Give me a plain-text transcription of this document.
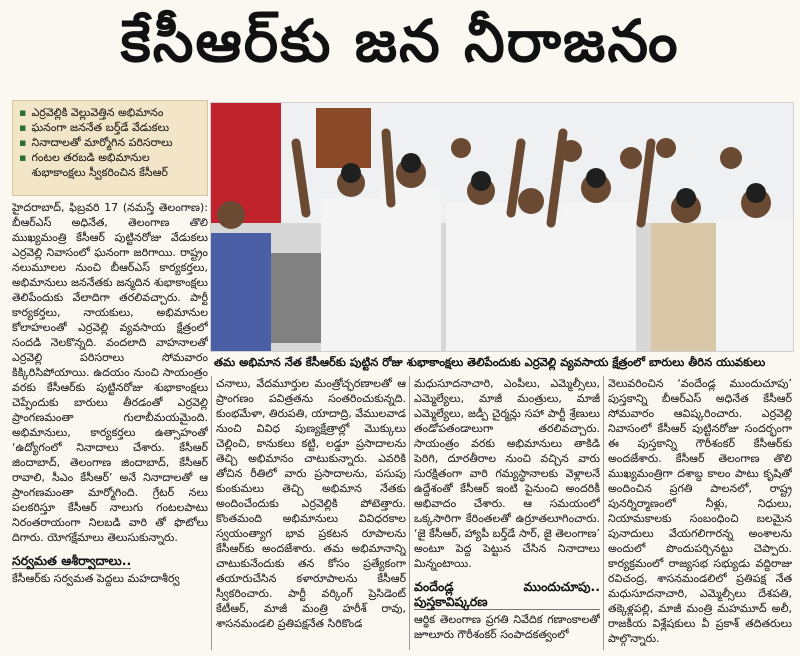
కేసీఆర్‌కు జన నీరాజనం
▪ ఎర్రవెల్లికి వెల్లువెత్తిన అభిమానం
▪ ఘనంగా జననేత బర్త్‌డే వేడుకలు
▪ నినాదాలతో మార్మోగిన పరిసరాలు
▪ గంటల తరబడి అభిమానుల శుభాకాంక్షలు స్వీకరించిన కేసీఆర్
తమ అభిమాన నేత కేసీఆర్‌కు పుట్టిన రోజు శుభాకాంక్షలు తెలిపేందుకు ఎర్రవెల్లి వ్యవసాయ క్షేత్రంలో బారులు తీరిన యువకులు

హైదరాబాద్, ఫిబ్రవరి 17 (నమస్తే తెలంగాణ): బీఆర్‌ఎస్ అధినేత, తెలంగాణ తొలి ముఖ్యమంత్రి కేసీఆర్ పుట్టినరోజు వేడుకలు ఎర్రవెల్లి నివాసంలో ఘనంగా జరిగాయి. రాష్ట్రం నలుమూలల నుంచి బీఆర్‌ఎస్ కార్యకర్తలు, అభిమానులు జననేతకు జన్మదిన శుభాకాంక్షలు తెలిపేందుకు వేలాదిగా తరలివచ్చారు. పార్టీ కార్యకర్తలు, నాయకులు, అభిమానుల కోలాహలంతో ఎర్రవెల్లి వ్యవసాయ క్షేత్రంలో సందడి నెలకొన్నది. వందలాది వాహనాలతో ఎర్రవెల్లి పరిసరాలు సోమవారం కిక్కిరిసిపోయాయి. ఉదయం నుంచి సాయంత్రం వరకు కేసీఆర్‌కు పుట్టినరోజు శుభాకాంక్షలు చెప్పేందుకు బారులు తీరడంతో ఎర్రవెల్లి ప్రాంగణమంతా గులాబీమయమైంది. అభిమానులు, కార్యకర్తలు ఉత్సాహంతో ‘ఉద్యోగంలో నినాదాలు చేశారు. కేసీఆర్ జిందాబాద్, తెలంగాణ జిందాబాద్, కేసీఆర్ రావాలి, సీఎం కేసీఆర్’ అనే నినాదాలతో ఆ ప్రాంగణమంతా మార్మోగింది. గ్రేటర్ నలు పలకరిస్తూ కేసీఆర్ నాలుగు గంటలపాటు నిరంతరాయంగా నిలబడి వారి తో ఫొటోలు దిగారు. యోగక్షేమాలు తెలుసుకున్నారు.

సర్వమత ఆశీర్వాదాలు..

కేసీఆర్‌కు సర్వమత పెద్దలు మహదాశీర్వ

చనాలు, వేదమూర్తుల మంత్రోచ్ఛరణాలతో ఆ ప్రాంగణం పవిత్రతను సంతరించుకున్నది. కుంభమేళా, తిరుపతి, యాదాద్రి, వేములవాడ నుంచి వివిధ పుణ్యక్షేత్రాల్లో మొక్కులు చెల్లించి, కానుకలు కట్టి, లడ్డూ ప్రసాదాలను తెచ్చి అభిమానం చాటుకున్నారు. ఎవరికి తోచిన రీతిలో వారు ప్రసాదాలను, పసుపు కుంకుమలు తెచ్చి అభిమాన నేతకు అందించేందుకు ఎర్రవెల్లికి పోటెత్తారు. కొంతమంది అభిమానులు వివిధరకాల స్వయంత్యాగ భావ ప్రకటన రూపాలను కేసీఆర్‌కు అందజేశారు. తమ అభిమానాన్ని చాటుకునేందుకు తన కోసం ప్రత్యేకంగా తయారుచేసిన కళారూపాలను కేసీఆర్ స్వీకరించారు. పార్టీ వర్కింగ్ ప్రెసిడెంట్ కేటీఆర్, మాజీ మంత్రి హరీశ్ రావు, శాసనమండలి ప్రతిపక్షనేత సిరికొండ

మధుసూదనాచారి, ఎంపీలు, ఎమ్మెల్సీలు, ఎమ్మెల్యేలు, మాజీ మంత్రులు, మాజీ ఎమ్మెల్యేలు, జడ్పీ చైర్మన్లు సహా పార్టీ శ్రేణులు తండోపతండాలుగా తరలివచ్చారు. సాయంత్రం వరకు అభిమానులు తాకిడి పెరిగి, దూరతీరాల నుంచి వచ్చిన వారు సురక్షితంగా వారి గమ్యస్థానాలకు వెళ్లాలనే ఉద్దేశంతో కేసీఆర్ ఇంటి పైనుంచి అందరికీ అభివాదం చేశారు. ఆ సమయంలో ఒక్కసారిగా కేరింతలతో ఉర్రూతలూగించారు. ‘జై కేసీఆర్, హ్యాపీ బర్త్‌డే సార్, జై తెలంగాణ’ అంటూ పెద్ద పెట్టున చేసిన నినాదాలు మిన్నంటాయి.

వందేండ్ల ముందుచూపు.. పుస్తకావిష్కరణ

ఆర్థిక తెలంగాణ ప్రగతి నివేదిక గణాంకాలతో జూలూరు గౌరీశంకర్ సంపాదకత్వంలో

వెలువరించిన ‘వందేండ్ల ముందుచూపు’ పుస్తకాన్ని బీఆర్‌ఎస్ అధినేత కేసీఆర్ సోమవారం ఆవిష్కరించారు. ఎర్రవెల్లి నివాసంలో కేసీఆర్ పుట్టినరోజు సందర్భంగా ఈ పుస్తకాన్ని గౌరీశంకర్ కేసీఆర్‌కు అందజేశారు. కేసీఆర్ తెలంగాణ తొలి ముఖ్యమంత్రిగా దశాబ్ద కాలం పాటు కృషితో అందించిన ప్రగతి పాలనలో, రాష్ట్ర పునర్నిర్మాణంలో నీళ్లు, నిధులు, నియామకాలకు సంబంధించి బలమైన పునాదులు వేయగలిగారన్న అంశాలను అందులో పొందుపర్చినట్టు చెప్పారు. కార్యక్రమంలో రాజ్యసభ సభ్యుడు వద్దిరాజు రవిచంద్ర, శాసనమండలిలో ప్రతిపక్ష నేత మధుసూదనాచారి, ఎమ్మెల్సీలు దేశపతి, తక్కెళ్లపల్లి, మాజీ మంత్రి మహమూద్ అలీ, రాజకీయ విశ్లేషకులు వీ ప్రకాశ్ తదితరులు పాల్గొన్నారు.
